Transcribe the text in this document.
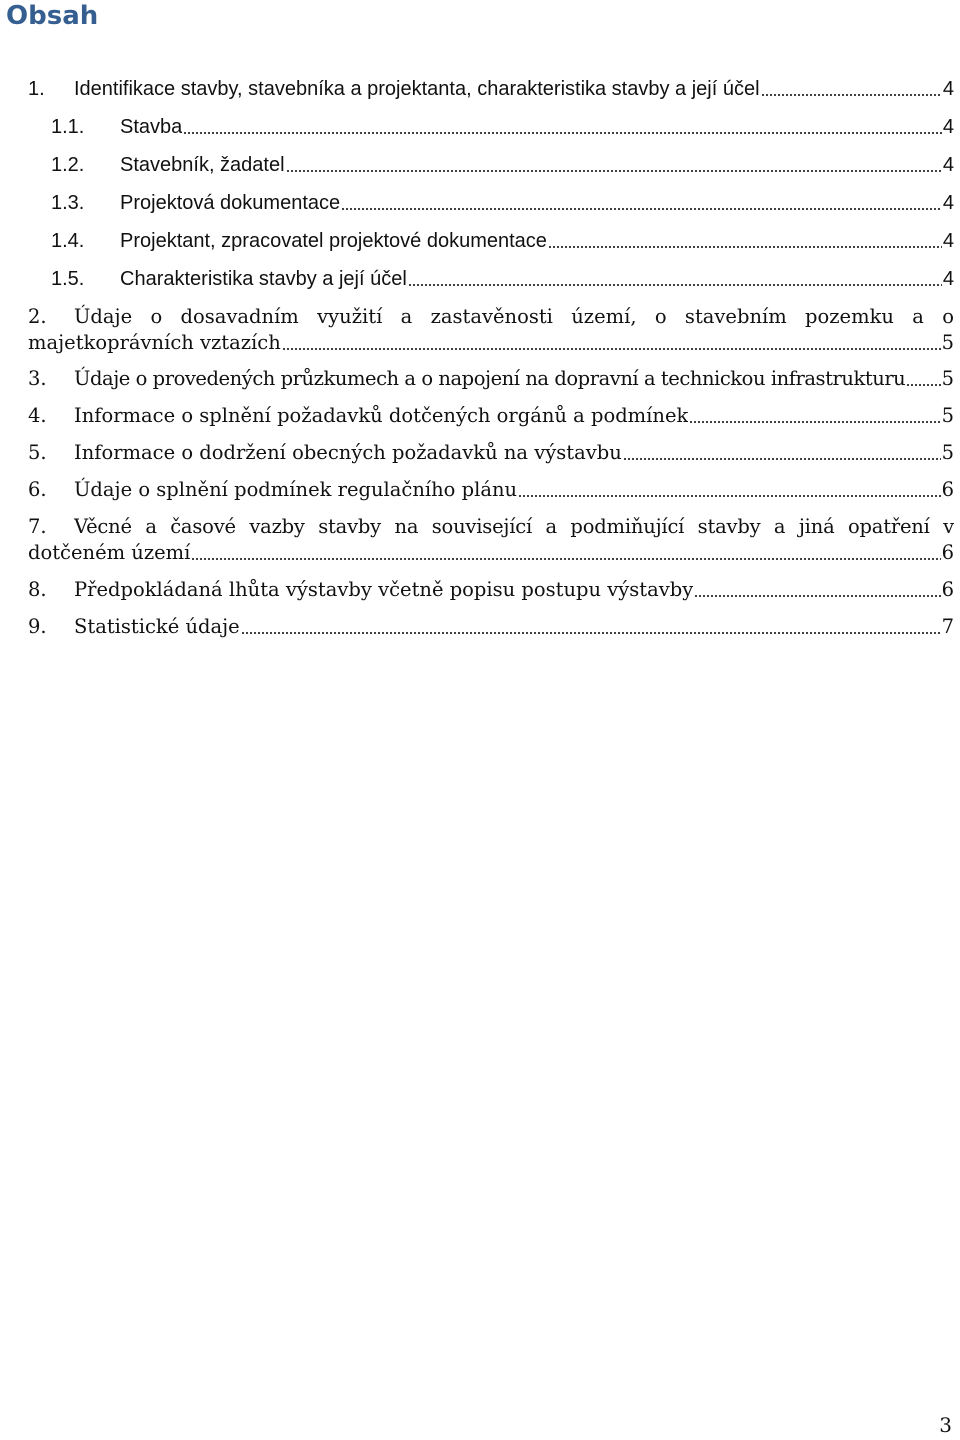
Obsah
1.	Identifikace stavby, stavebníka a projektanta, charakteristika stavby a její účel	4
1.1.	Stavba	4
1.2.	Stavebník, žadatel	4
1.3.	Projektová dokumentace	4
1.4.	Projektant, zpracovatel projektové dokumentace	4
1.5.	Charakteristika stavby a její účel	4
2.	Údaje o dosavadním využití a zastavěnosti území, o stavebním pozemku a o
majetkoprávních vztazích	5
3.	Údaje o provedených průzkumech a o napojení na dopravní a technickou infrastrukturu 5
4.	Informace o splnění požadavků dotčených orgánů a podmínek	5
5.	Informace o dodržení obecných požadavků na výstavbu	5
6.	Údaje o splnění podmínek regulačního plánu	6
7.	Věcné a časové vazby stavby na související a podmiňující stavby a jiná opatření v
dotčeném území	6
8.	Předpokládaná lhůta výstavby včetně popisu postupu výstavby	6
9.	Statistické údaje	7
3
